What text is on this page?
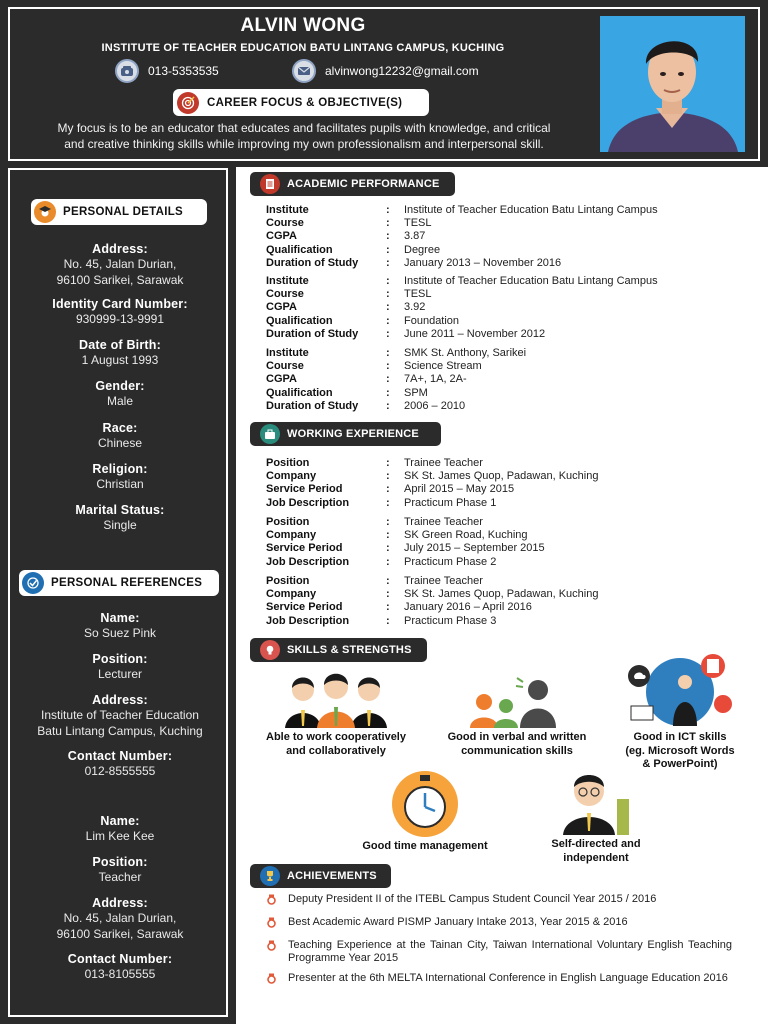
ALVIN WONG
INSTITUTE OF TEACHER EDUCATION BATU LINTANG CAMPUS, KUCHING
013-5353535	alvinwong12232@gmail.com
CAREER FOCUS & OBJECTIVE(S)
My focus is to be an educator that educates and facilitates pupils with knowledge, and critical
and creative thinking skills while improving my own professionalism and interpersonal skill.
PERSONAL DETAILS
Address:
No. 45, Jalan Durian,
96100 Sarikei, Sarawak
Identity Card Number:
930999-13-9991
Date of Birth:
1 August 1993
Gender:
Male
Race:
Chinese
Religion:
Christian
Marital Status:
Single
PERSONAL REFERENCES
Name:
So Suez Pink
Position:
Lecturer
Address:
Institute of Teacher Education
Batu Lintang Campus, Kuching
Contact Number:
012-8555555
Name:
Lim Kee Kee
Position:
Teacher
Address:
No. 45, Jalan Durian,
96100 Sarikei, Sarawak
Contact Number:
013-8105555
ACADEMIC PERFORMANCE
Institute	:	Institute of Teacher Education Batu Lintang Campus
Course	:	TESL
CGPA	:	3.87
Qualification	:	Degree
Duration of Study	:	January 2013 – November 2016
Institute	:	Institute of Teacher Education Batu Lintang Campus
Course	:	TESL
CGPA	:	3.92
Qualification	:	Foundation
Duration of Study	:	June 2011 – November 2012
Institute	:	SMK St. Anthony, Sarikei
Course	:	Science Stream
CGPA	:	7A+, 1A, 2A-
Qualification	:	SPM
Duration of Study	:	2006 – 2010
WORKING EXPERIENCE
Position	:	Trainee Teacher
Company	:	SK St. James Quop, Padawan, Kuching
Service Period	:	April 2015 – May 2015
Job Description	:	Practicum Phase 1
Position	:	Trainee Teacher
Company	:	SK Green Road, Kuching
Service Period	:	July 2015 – September 2015
Job Description	:	Practicum Phase 2
Position	:	Trainee Teacher
Company	:	SK St. James Quop, Padawan, Kuching
Service Period	:	January 2016 – April 2016
Job Description	:	Practicum Phase 3
SKILLS & STRENGTHS
Able to work cooperatively
and collaboratively
Good in verbal and written
communication skills
Good in ICT skills
(eg. Microsoft Words
& PowerPoint)
Good time management	Self-directed and
independent
ACHIEVEMENTS
Deputy President II of the ITEBL Campus Student Council Year 2015 / 2016
Best Academic Award PISMP January Intake 2013, Year 2015 & 2016
Teaching Experience at the Tainan City, Taiwan International Voluntary English Teaching Programme Year 2015
Presenter at the 6th MELTA International Conference in English Language Education 2016
